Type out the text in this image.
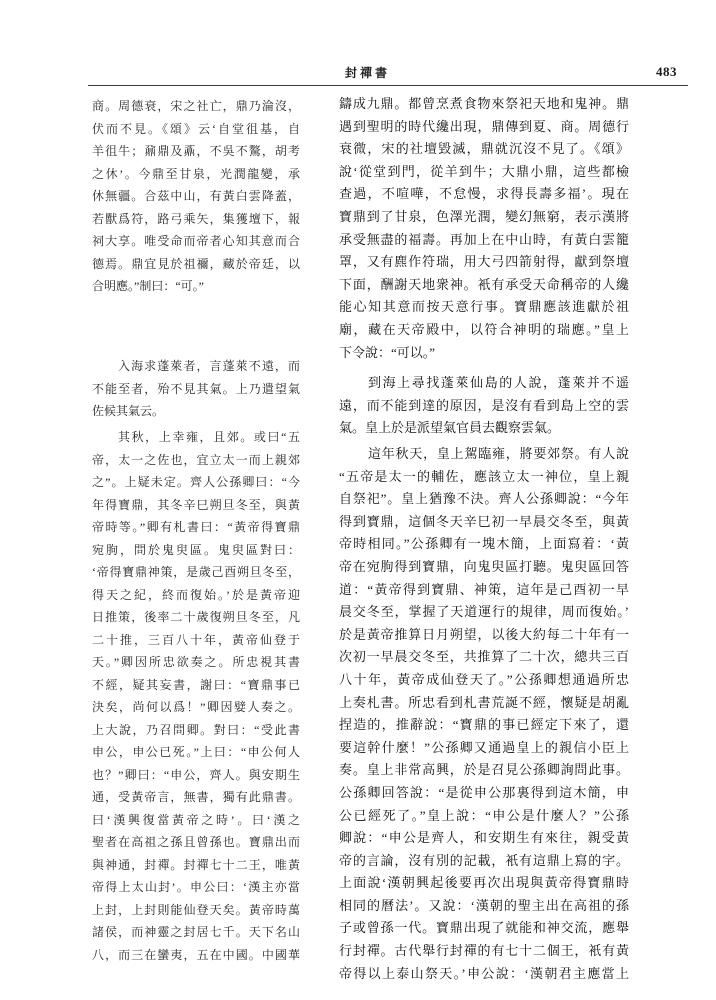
封禪書	483
商。周德衰，宋之社亡，鼎乃淪沒，
伏而不見。《頌》云‘自堂徂基，自
羊徂牛；鼐鼎及鼒，不吳不驁，胡考
之休’。今鼎至甘泉，光潤龍變，承
休無疆。合茲中山，有黃白雲降蓋，
若獸爲符，路弓乘矢，集獲壇下，報
祠大享。唯受命而帝者心知其意而合
德焉。鼎宜見於祖禰，藏於帝廷，以
合明應。”制曰：“可。”
入海求蓬萊者，言蓬萊不遠，而
不能至者，殆不見其氣。上乃遣望氣
佐候其氣云。
其秋，上幸雍，且郊。或曰“五
帝，太一之佐也，宜立太一而上親郊
之”。上疑未定。齊人公孫卿曰：“今
年得寶鼎，其冬辛巳朔旦冬至，與黃
帝時等。”卿有札書曰：“黃帝得寶鼎
宛朐，問於鬼臾區。鬼臾區對曰：
‘帝得寶鼎神策，是歲己酉朔旦冬至，
得天之紀，終而復始。’於是黃帝迎
日推策，後率二十歲復朔旦冬至，凡
二十推，三百八十年，黃帝仙登于
天。”卿因所忠欲奏之。所忠視其書
不經，疑其妄書，謝曰：“寶鼎事已
決矣，尚何以爲！”卿因嬖人奏之。
上大說，乃召問卿。對曰：“受此書
申公，申公已死。”上曰：“申公何人
也？”卿曰：“申公，齊人。與安期生
通，受黃帝言，無書，獨有此鼎書。
曰‘漢興復當黃帝之時’。曰‘漢之
聖者在高祖之孫且曾孫也。寶鼎出而
與神通，封禪。封禪七十二王，唯黃
帝得上太山封’。申公曰：‘漢主亦當
上封，上封則能仙登天矣。黃帝時萬
諸侯，而神靈之封居七千。天下名山
八，而三在蠻夷，五在中國。中國華
鑄成九鼎。都曾烹煮食物來祭祀天地和鬼神。鼎
遇到聖明的時代纔出現，鼎傳到夏、商。周德行
衰微，宋的社壇毀滅，鼎就沉沒不見了。《頌》
說‘從堂到門，從羊到牛；大鼎小鼎，這些都檢
查過，不喧嘩，不怠慢，求得長壽多福’。現在
寶鼎到了甘泉，色澤光潤，變幻無窮，表示漢將
承受無盡的福壽。再加上在中山時，有黃白雲籠
罩，又有麃作符瑞，用大弓四箭射得，獻到祭壇
下面，酬謝天地衆神。衹有承受天命稱帝的人纔
能心知其意而按天意行事。寶鼎應該進獻於祖
廟，藏在天帝殿中，以符合神明的瑞應。”皇上
下令說：“可以。”
到海上尋找蓬萊仙島的人說，蓬萊并不遥
遠，而不能到達的原因，是沒有看到島上空的雲
氣。皇上於是派望氣官員去觀察雲氣。
這年秋天，皇上駕臨雍，將要郊祭。有人說
“五帝是太一的輔佐，應該立太一神位，皇上親
自祭祀”。皇上猶豫不決。齊人公孫卿說：“今年
得到寶鼎，這個冬天辛巳初一早晨交冬至，與黃
帝時相同。”公孫卿有一塊木簡，上面寫着：‘黃
帝在宛朐得到寶鼎，向鬼臾區打聽。鬼臾區回答
道：“黃帝得到寶鼎、神策，這年是己酉初一早
晨交冬至，掌握了天道運行的規律，周而復始。’
於是黃帝推算日月朔望，以後大約每二十年有一
次初一早晨交冬至，共推算了二十次，總共三百
八十年，黃帝成仙登天了。”公孫卿想通過所忠
上奏札書。所忠看到札書荒誕不經，懷疑是胡亂
捏造的，推辭說：“寶鼎的事已經定下來了，還
要這幹什麼！”公孫卿又通過皇上的親信小臣上
奏。皇上非常高興，於是召見公孫卿詢問此事。
公孫卿回答說：“是從申公那裏得到這木簡，申
公已經死了。”皇上說：“申公是什麼人？”公孫
卿說：“申公是齊人，和安期生有來往，親受黃
帝的言論，沒有別的記載，衹有這鼎上寫的字。
上面說‘漢朝興起後要再次出現與黃帝得寶鼎時
相同的曆法’。又說：‘漢朝的聖主出在高祖的孫
子或曾孫一代。寶鼎出現了就能和神交流，應舉
行封禪。古代舉行封禪的有七十二個王，衹有黃
帝得以上泰山祭天。’申公說：‘漢朝君主應當上
